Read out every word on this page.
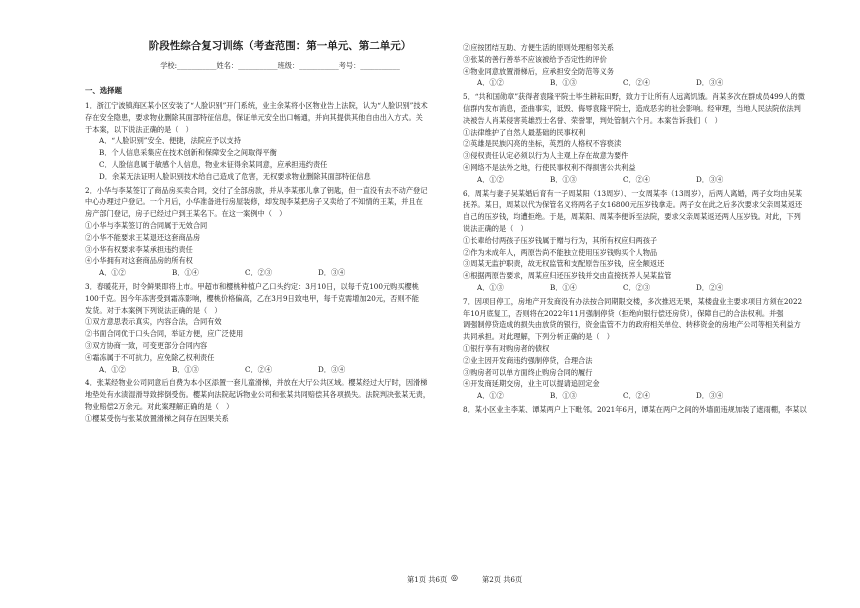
阶段性综合复习训练（考查范围：第一单元、第二单元）
学校:___________姓名：___________班级：___________考号：___________
一、选择题

1．浙江宁波镇海区某小区安装了“人脸识别”开门系统，业主余某将小区物业告上法院，认为“人脸识别”技术

存在安全隐患，要求物业删除其面部特征信息，保证单元安全出口畅通，并向其提供其他自由出入方式。关

于本案，以下说法正确的是（　）

A．“人脸识别”安全、便捷，法院应予以支持

B．个人信息采集应在技术创新和保障安全之间取得平衡

C．人脸信息属于敏感个人信息，物业未征得余某同意，应承担违约责任

D．余某无法证明人脸识别技术给自己造成了危害，无权要求物业删除其面部特征信息

2．小华与李某签订了商品房买卖合同，交付了全部房款，并从李某那儿拿了钥匙，但一直没有去不动产登记

中心办理过户登记。一个月后，小华准备进行房屋装修，却发现李某把房子又卖给了不知情的王某，并且在

房产部门登记，房子已经过户到王某名下。在这一案例中（　）

①小华与李某签订的合同属于无效合同

②小华不能要求王某退还这套商品房

③小华有权要求李某承担违约责任

④小华拥有对这套商品房的所有权

A．①②	B．①④	C．②③	D．③④

3．春暖花开，时令鲜果即将上市。甲超市和樱桃种植户乙口头约定：3月10日，以每千克100元购买樱桃

100千克。因今年冻害受到霜冻影响，樱桃价格偏高，乙在3月9日致电甲，每千克需增加20元，否则不能

发货。对于本案例下列说法正确的是（　）

①双方意思表示真实，内容合法，合同有效

②书面合同优于口头合同，举证方便，应广泛使用

③双方协商一致，可变更部分合同内容

④霜冻属于不可抗力，应免除乙权利责任

A．①②	B．①③	C．②④	D．③④

4．张某经物业公司同意后自费为本小区添置一套儿童滑梯，并放在大厅公共区域。樱某经过大厅时，因滑梯

地垫处有水渍湿滑导致摔倒受伤。樱某向法院起诉物业公司和张某共同赔偿其各项损失。法院判决张某无责，

物业赔偿2万余元。对此案理解正确的是（　）

①樱某受伤与张某放置滑梯之间存在因果关系

第1页 共6页 ◎

②应按团结互助、方便生活的原则处理相邻关系

③张某的善行善举不应该被给予否定性的评价

④物业同意放置滑梯后，应承担安全防范等义务

A．①②	B．①③	C．②④	D．③④

5．“共和国勋章”获得者袁隆平院士毕生耕耘田野，致力于让所有人远离饥饿。肖某多次在群成员499人的微

信群内发布消息，歪曲事实，诋毁、侮辱袁隆平院士，造成恶劣的社会影响。经审理，当地人民法院依法判

决被告人肖某侵害英雄烈士名誉、荣誉罪，判处管制六个月。本案告诉我们（　）

①法律维护了自然人最基础的民事权利

②英雄是民族闪亮的坐标，英烈的人格权不容亵渎

③侵权责任认定必须以行为人主观上存在故意为要件

④网络不是法外之地，行使民事权利不得损害公共利益

A．①②	B．①③	C．②④	D．③④

6．周某与妻子吴某婚后育有一子周某阳（13周岁）、一女周某李（13周岁），后两人离婚，两子女均由吴某

抚养。某日，周某以代为保管名义将两名子女16800元压岁钱拿走。两子女在此之后多次要求父亲周某返还

自己的压岁钱，均遭拒绝。于是，周某阳、周某李便诉至法院，要求父亲周某返还两人压岁钱。对此，下列

说法正确的是（　）

①长辈给付两孩子压岁钱属于赠与行为，其所有权应归两孩子

②作为未成年人，两原告尚不能独立使用压岁钱购买个人物品

③周某无监护职责，故无权监管和支配原告压岁钱，应全额返还

④根据两原告要求，周某应归还压岁钱并交由直接抚养人吴某监管

A．①③	B．①④	C．②③	D．②④

7．因项目停工，房地产开发商没有办法按合同期限交楼，多次推迟无果，某楼盘业主要求项目方须在2022

年10月底复工，否则将在2022年11月强制停贷（拒绝向银行偿还房贷），保障自己的合法权利。并强

调强制停贷造成的损失由放贷的银行，资金监管不力的政府相关单位、转移资金的房地产公司等相关利益方

共同承担。对此理解，下列分析正确的是（　）

①银行享有对购房者的债权

②业主因开发商违约强制停贷，合理合法

③购房者可以单方面终止购房合同的履行

④开发商延期交房，业主可以提请追回定金

A．①②	B．①③	C．②④	D．③④

8．某小区业主李某、谭某两户上下毗邻。2021年6月，谭某在两户之间的外墙面违规加装了遮雨棚，李某以

第2页 共6页
